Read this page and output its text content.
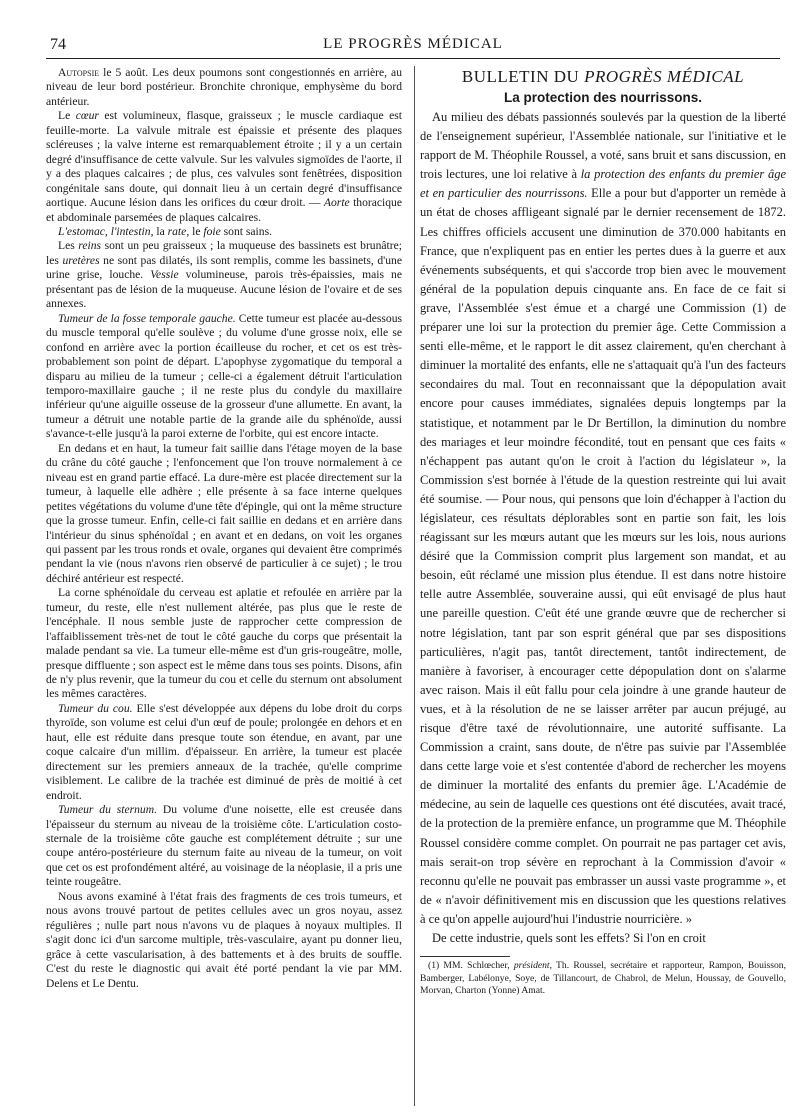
74	LE PROGRÈS MÉDICAL

Autopsie le 5 août. Les deux poumons sont congestionnés en arrière, au niveau de leur bord postérieur. Bronchite chronique, emphysème du bord antérieur.

Le cœur est volumineux, flasque, graisseux ; le muscle cardiaque est feuille-morte. La valvule mitrale est épaissie et présente des plaques scléreuses ; la valve interne est remarquablement étroite ; il y a un certain degré d'insuffisance de cette valvule. Sur les valvules sigmoïdes de l'aorte, il y a des plaques calcaires ; de plus, ces valvules sont fenêtrées, disposition congénitale sans doute, qui donnait lieu à un certain degré d'insuffisance aortique. Aucune lésion dans les orifices du cœur droit. — Aorte thoracique et abdominale parsemées de plaques calcaires.

L'estomac, l'intestin, la rate, le foie sont sains.

Les reins sont un peu graisseux ; la muqueuse des bassinets est brunâtre; les uretères ne sont pas dilatés, ils sont remplis, comme les bassinets, d'une urine grise, louche. Vessie volumineuse, parois très-épaissies, mais ne présentant pas de lésion de la muqueuse. Aucune lésion de l'ovaire et de ses annexes.

Tumeur de la fosse temporale gauche. Cette tumeur est placée au-dessous du muscle temporal qu'elle soulève ; du volume d'une grosse noix, elle se confond en arrière avec la portion écailleuse du rocher, et cet os est très-probablement son point de départ. L'apophyse zygomatique du temporal a disparu au milieu de la tumeur ; celle-ci a également détruit l'articulation temporo-maxillaire gauche ; il ne reste plus du condyle du maxillaire inférieur qu'une aiguille osseuse de la grosseur d'une allumette. En avant, la tumeur a détruit une notable partie de la grande aile du sphénoïde, aussi s'avance-t-elle jusqu'à la paroi externe de l'orbite, qui est encore intacte.

En dedans et en haut, la tumeur fait saillie dans l'étage moyen de la base du crâne du côté gauche ; l'enfoncement que l'on trouve normalement à ce niveau est en grand partie effacé. La dure-mère est placée directement sur la tumeur, à laquelle elle adhère ; elle présente à sa face interne quelques petites végétations du volume d'une tête d'épingle, qui ont la même structure que la grosse tumeur. Enfin, celle-ci fait saillie en dedans et en arrière dans l'intérieur du sinus sphénoïdal ; en avant et en dedans, on voit les organes qui passent par les trous ronds et ovale, organes qui devaient être comprimés pendant la vie (nous n'avons rien observé de particulier à ce sujet) ; le trou déchiré antérieur est respecté.

La corne sphénoïdale du cerveau est aplatie et refoulée en arrière par la tumeur, du reste, elle n'est nullement altérée, pas plus que le reste de l'encéphale. Il nous semble juste de rapprocher cette compression de l'affaiblissement très-net de tout le côté gauche du corps que présentait la malade pendant sa vie. La tumeur elle-même est d'un gris-rougeâtre, molle, presque diffluente ; son aspect est le même dans tous ses points. Disons, afin de n'y plus revenir, que la tumeur du cou et celle du sternum ont absolument les mêmes caractères.

Tumeur du cou. Elle s'est développée aux dépens du lobe droit du corps thyroïde, son volume est celui d'un œuf de poule; prolongée en dehors et en haut, elle est réduite dans presque toute son étendue, en avant, par une coque calcaire d'un millim. d'épaisseur. En arrière, la tumeur est placée directement sur les premiers anneaux de la trachée, qu'elle comprime visiblement. Le calibre de la trachée est diminué de près de moitié à cet endroit.

Tumeur du sternum. Du volume d'une noisette, elle est creusée dans l'épaisseur du sternum au niveau de la troisième côte. L'articulation costo-sternale de la troisième côte gauche est complétement détruite ; sur une coupe antéro-postérieure du sternum faite au niveau de la tumeur, on voit que cet os est profondément altéré, au voisinage de la néoplasie, il a pris une teinte rougeâtre.

Nous avons examiné à l'état frais des fragments de ces trois tumeurs, et nous avons trouvé partout de petites cellules avec un gros noyau, assez régulières ; nulle part nous n'avons vu de plaques à noyaux multiples. Il s'agit donc ici d'un sarcome multiple, très-vasculaire, ayant pu donner lieu, grâce à cette vascularisation, à des battements et à des bruits de souffle. C'est du reste le diagnostic qui avait été porté pendant la vie par MM. Delens et Le Dentu.

BULLETIN DU PROGRÈS MÉDICAL

La protection des nourrissons.

Au milieu des débats passionnés soulevés par la question de la liberté de l'enseignement supérieur, l'Assemblée nationale, sur l'initiative et le rapport de M. Théophile Roussel, a voté, sans bruit et sans discussion, en trois lectures, une loi relative à la protection des enfants du premier âge et en particulier des nourrissons. Elle a pour but d'apporter un remède à un état de choses affligeant signalé par le dernier recensement de 1872. Les chiffres officiels accusent une diminution de 370.000 habitants en France, que n'expliquent pas en entier les pertes dues à la guerre et aux événements subséquents, et qui s'accorde trop bien avec le mouvement général de la population depuis cinquante ans. En face de ce fait si grave, l'Assemblée s'est émue et a chargé une Commission (1) de préparer une loi sur la protection du premier âge. Cette Commission a senti elle-même, et le rapport le dit assez clairement, qu'en cherchant à diminuer la mortalité des enfants, elle ne s'attaquait qu'à l'un des facteurs secondaires du mal. Tout en reconnaissant que la dépopulation avait encore pour causes immédiates, signalées depuis longtemps par la statistique, et notamment par le Dr Bertillon, la diminution du nombre des mariages et leur moindre fécondité, tout en pensant que ces faits « n'échappent pas autant qu'on le croit à l'action du législateur », la Commission s'est bornée à l'étude de la question restreinte qui lui avait été soumise. — Pour nous, qui pensons que loin d'échapper à l'action du législateur, ces résultats déplorables sont en partie son fait, les lois réagissant sur les mœurs autant que les mœurs sur les lois, nous aurions désiré que la Commission comprit plus largement son mandat, et au besoin, eût réclamé une mission plus étendue. Il est dans notre histoire telle autre Assemblée, souveraine aussi, qui eût envisagé de plus haut une pareille question. C'eût été une grande œuvre que de rechercher si notre législation, tant par son esprit général que par ses dispositions particulières, n'agit pas, tantôt directement, tantôt indirectement, de manière à favoriser, à encourager cette dépopulation dont on s'alarme avec raison. Mais il eût fallu pour cela joindre à une grande hauteur de vues, et à la résolution de ne se laisser arrêter par aucun préjugé, au risque d'être taxé de révolutionnaire, une autorité suffisante. La Commission a craint, sans doute, de n'être pas suivie par l'Assemblée dans cette large voie et s'est contentée d'abord de rechercher les moyens de diminuer la mortalité des enfants du premier âge. L'Académie de médecine, au sein de laquelle ces questions ont été discutées, avait tracé, de la protection de la première enfance, un programme que M. Théophile Roussel considère comme complet. On pourrait ne pas partager cet avis, mais serait-on trop sévère en reprochant à la Commission d'avoir « reconnu qu'elle ne pouvait pas embrasser un aussi vaste programme », et de « n'avoir définitivement mis en discussion que les questions relatives à ce qu'on appelle aujourd'hui l'industrie nourricière. »

De cette industrie, quels sont les effets? Si l'on en croit

(1) MM. Schlœcher, président, Th. Roussel, secrétaire et rapporteur, Rampon, Bouisson, Bamberger, Labélonye, Soye, de Tillancourt, de Chabrol, de Melun, Houssay, de Gouvello, Morvan, Charton (Yonne) Amat.
